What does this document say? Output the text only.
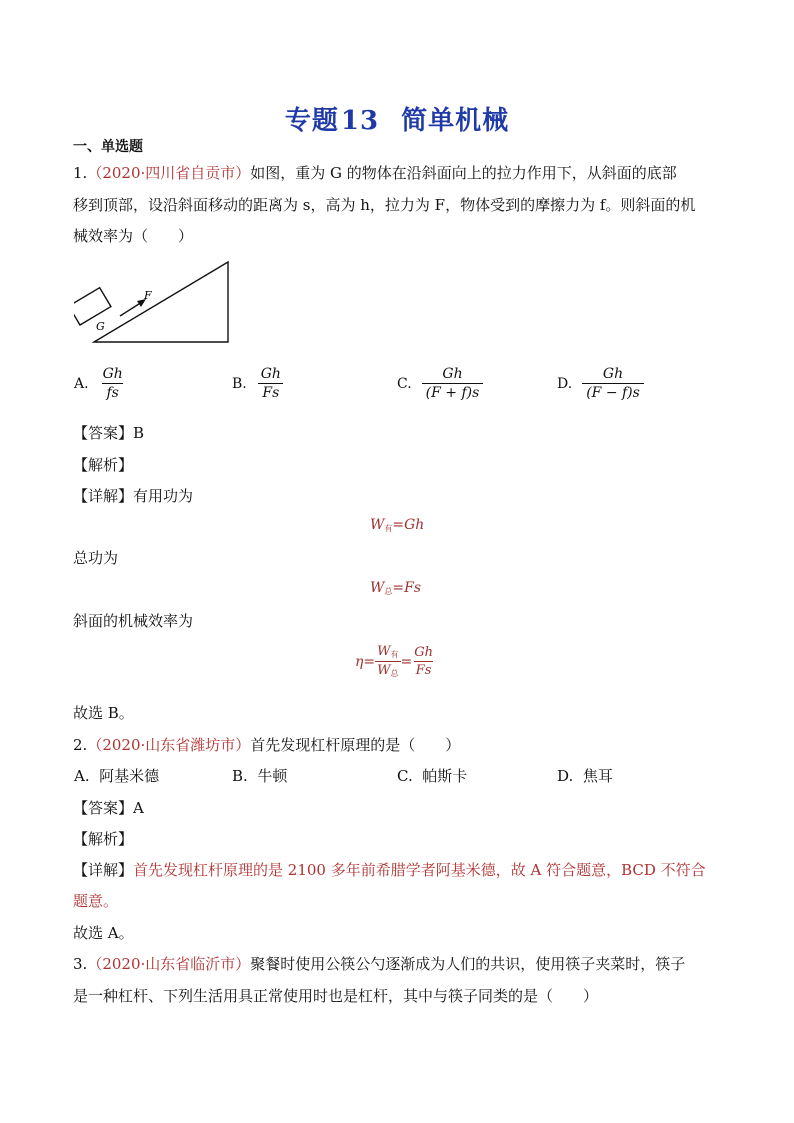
专题13 简单机械
一、单选题
1.（2020·四川省自贡市）如图，重为 G 的物体在沿斜面向上的拉力作用下，从斜面的底部
移到顶部，设沿斜面移动的距离为 s，高为 h，拉力为 F，物体受到的摩擦力为 f。则斜面的机
械效率为（　　）
G
F
A. $\frac{Gh}{fs}$	B. $\frac{Gh}{Fs}$	C. $\frac{Gh}{(F + f)s}$	D. $\frac{Gh}{(F - f)s}$
【答案】B
【解析】
【详解】有用功为
$W_有=Gh$
总功为
$W_总=Fs$
斜面的机械效率为
η=
$W_有$
$W_总$
= $\frac{Gh}{Fs}$
故选 B。
2.（2020·山东省潍坊市）首先发现杠杆原理的是（　　）
A. 阿基米德	B. 牛顿	C. 帕斯卡	D. 焦耳
【答案】A
【解析】
【详解】首先发现杠杆原理的是 2100 多年前希腊学者阿基米德，故 A 符合题意，BCD 不符合
题意。
故选 A。
3.（2020·山东省临沂市）聚餐时使用公筷公勺逐渐成为人们的共识，使用筷子夹菜时，筷子
是一种杠杆、下列生活用具正常使用时也是杠杆，其中与筷子同类的是（　　）
